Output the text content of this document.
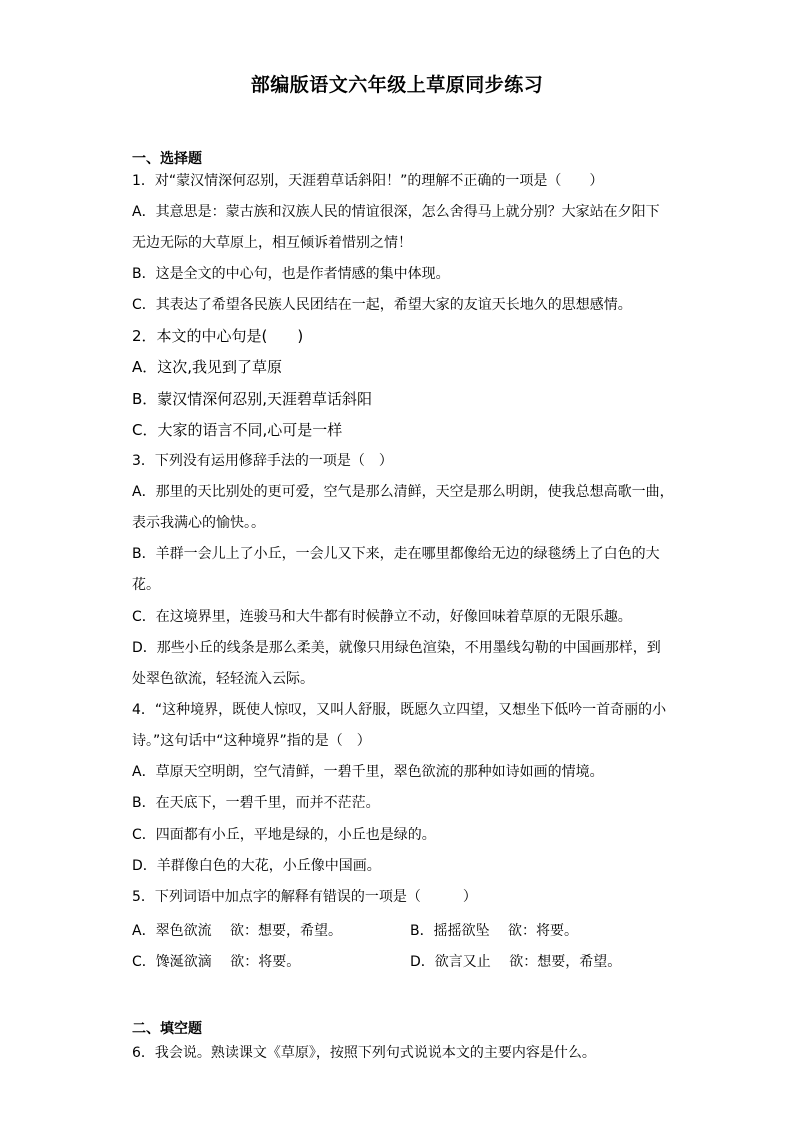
部编版语文六年级上草原同步练习
一、选择题
1．对“蒙汉情深何忍别，天涯碧草话斜阳！”的理解不正确的一项是（　　）
A．其意思是：蒙古族和汉族人民的情谊很深，怎么舍得马上就分别？大家站在夕阳下
无边无际的大草原上，相互倾诉着惜别之情！
B．这是全文的中心句，也是作者情感的集中体现。
C．其表达了希望各民族人民团结在一起，希望大家的友谊天长地久的思想感情。
2．本文的中心句是(　　)
A．这次,我见到了草原
B．蒙汉情深何忍别,天涯碧草话斜阳
C．大家的语言不同,心可是一样
3．下列没有运用修辞手法的一项是（　）
A．那里的天比别处的更可爱，空气是那么清鲜，天空是那么明朗，使我总想高歌一曲，
表示我满心的愉快。。
B．羊群一会儿上了小丘，一会儿又下来，走在哪里都像给无边的绿毯绣上了白色的大
花。
C．在这境界里，连骏马和大牛都有时候静立不动，好像回味着草原的无限乐趣。
D．那些小丘的线条是那么柔美，就像只用绿色渲染，不用墨线勾勒的中国画那样，到
处翠色欲流，轻轻流入云际。
4．“这种境界，既使人惊叹，又叫人舒服，既愿久立四望，又想坐下低吟一首奇丽的小
诗。”这句话中“这种境界”指的是（　）
A．草原天空明朗，空气清鲜，一碧千里，翠色欲流的那种如诗如画的情境。
B．在天底下，一碧千里，而并不茫茫。
C．四面都有小丘，平地是绿的，小丘也是绿的。
D．羊群像白色的大花，小丘像中国画。
5．下列词语中加点字的解释有错误的一项是（　　　）
A．翠色欲流　 欲：想要，希望。	B．摇摇欲坠　 欲：将要。
C．馋涎欲滴　 欲：将要。	D．欲言又止　 欲：想要，希望。
二、填空题
6．我会说。熟读课文《草原》，按照下列句式说说本文的主要内容是什么。
